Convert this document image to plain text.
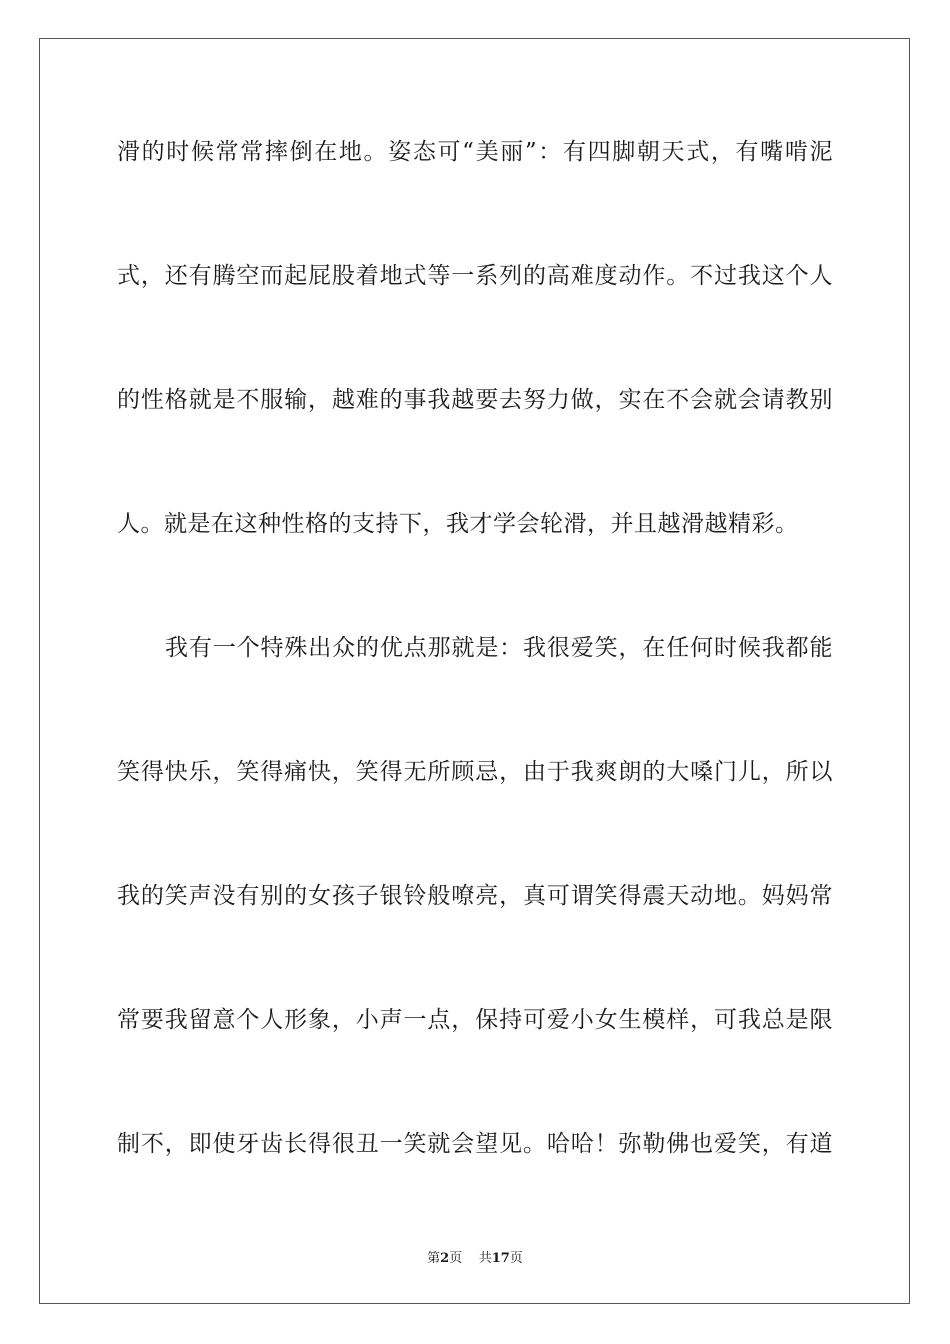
滑的时候常常摔倒在地。姿态可“美丽”：有四脚朝天式，有嘴啃泥
式，还有腾空而起屁股着地式等一系列的高难度动作。不过我这个人
的性格就是不服输，越难的事我越要去努力做，实在不会就会请教别
人。就是在这种性格的支持下，我才学会轮滑，并且越滑越精彩。
我有一个特殊出众的优点那就是：我很爱笑，在任何时候我都能
笑得快乐，笑得痛快，笑得无所顾忌，由于我爽朗的大嗓门儿，所以
我的笑声没有别的女孩子银铃般嘹亮，真可谓笑得震天动地。妈妈常
常要我留意个人形象，小声一点，保持可爱小女生模样，可我总是限
制不，即使牙齿长得很丑一笑就会望见。哈哈！弥勒佛也爱笑，有道
第2页 共17页
